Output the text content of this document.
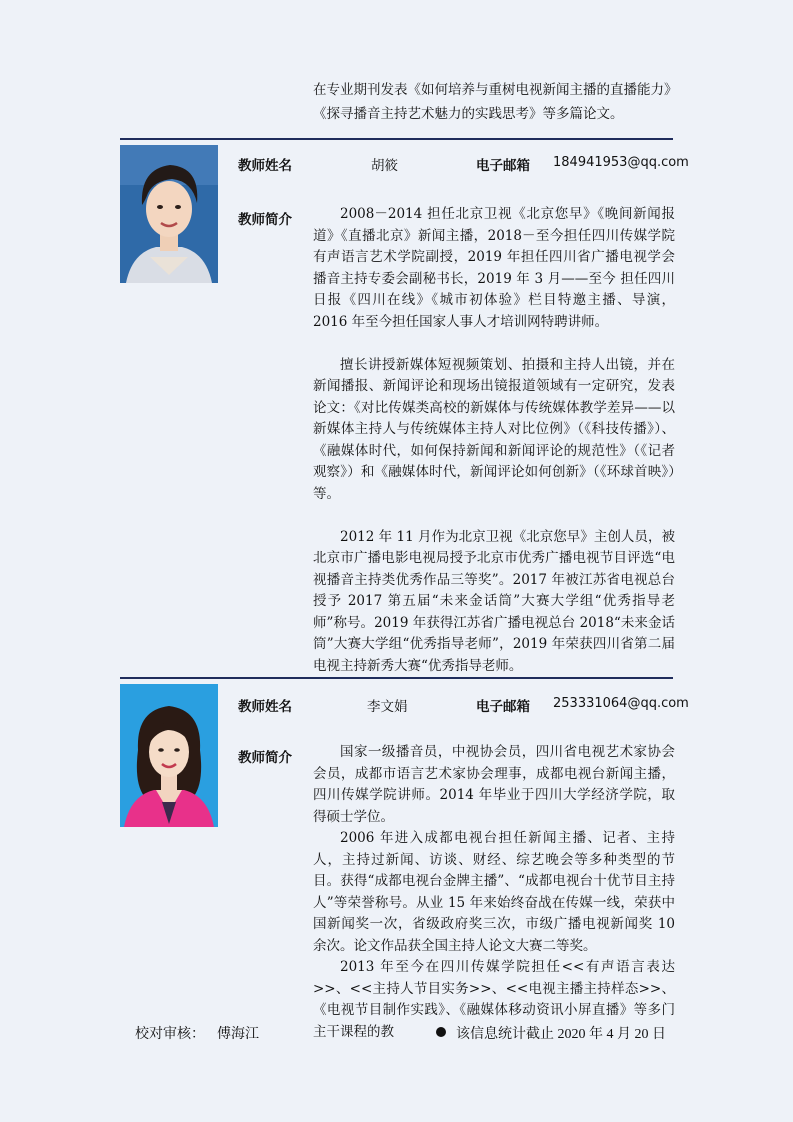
在专业期刊发表《如何培养与重树电视新闻主播的直播能力》《探寻播音主持艺术魅力的实践思考》等多篇论文。

教师姓名	胡筱	电子邮箱 184941953@qq.com
教师简介	2008－2014 担任北京卫视《北京您早》《晚间新闻报道》《直播北京》新闻主播，2018－至今担任四川传媒学院有声语言艺术学院副授，2019 年担任四川省广播电视学会播音主持专委会副秘书长，2019 年 3 月——至今 担任四川日报《四川在线》《城市初体验》栏目特邀主播、导演，2016 年至今担任国家人事人才培训网特聘讲师。

擅长讲授新媒体短视频策划、拍摄和主持人出镜，并在新闻播报、新闻评论和现场出镜报道领域有一定研究，发表论文：《对比传媒类高校的新媒体与传统媒体教学差异——以新媒体主持人与传统媒体主持人对比位例》（《科技传播》）、《融媒体时代，如何保持新闻和新闻评论的规范性》（《记者观察》）和《融媒体时代，新闻评论如何创新》（《环球首映》）等。

2012 年 11 月作为北京卫视《北京您早》主创人员，被北京市广播电影电视局授予北京市优秀广播电视节目评选“电视播音主持类优秀作品三等奖”。2017 年被江苏省电视总台授予 2017 第五届“未来金话筒”大赛大学组“优秀指导老师”称号。2019 年获得江苏省广播电视总台 2018“未来金话筒”大赛大学组“优秀指导老师”，2019 年荣获四川省第二届电视主持新秀大赛“优秀指导老师。

教师姓名	李文娟	电子邮箱 253331064@qq.com
教师简介	国家一级播音员，中视协会员，四川省电视艺术家协会会员，成都市语言艺术家协会理事，成都电视台新闻主播，四川传媒学院讲师。2014 年毕业于四川大学经济学院，取得硕士学位。

2006 年进入成都电视台担任新闻主播、记者、主持人，主持过新闻、访谈、财经、综艺晚会等多种类型的节目。获得“成都电视台金牌主播”、“成都电视台十优节目主持人”等荣誉称号。从业 15 年来始终奋战在传媒一线，荣获中国新闻奖一次，省级政府奖三次，市级广播电视新闻奖 10 余次。论文作品获全国主持人论文大赛二等奖。

2013 年至今在四川传媒学院担任<<有声语言表达>>、<<主持人节目实务>>、<<电视主播主持样态>>、《电视节目制作实践》、《融媒体移动资讯小屏直播》等多门主干课程的教

校对审核： 傅海江	该信息统计截止 2020 年 4 月 20 日
